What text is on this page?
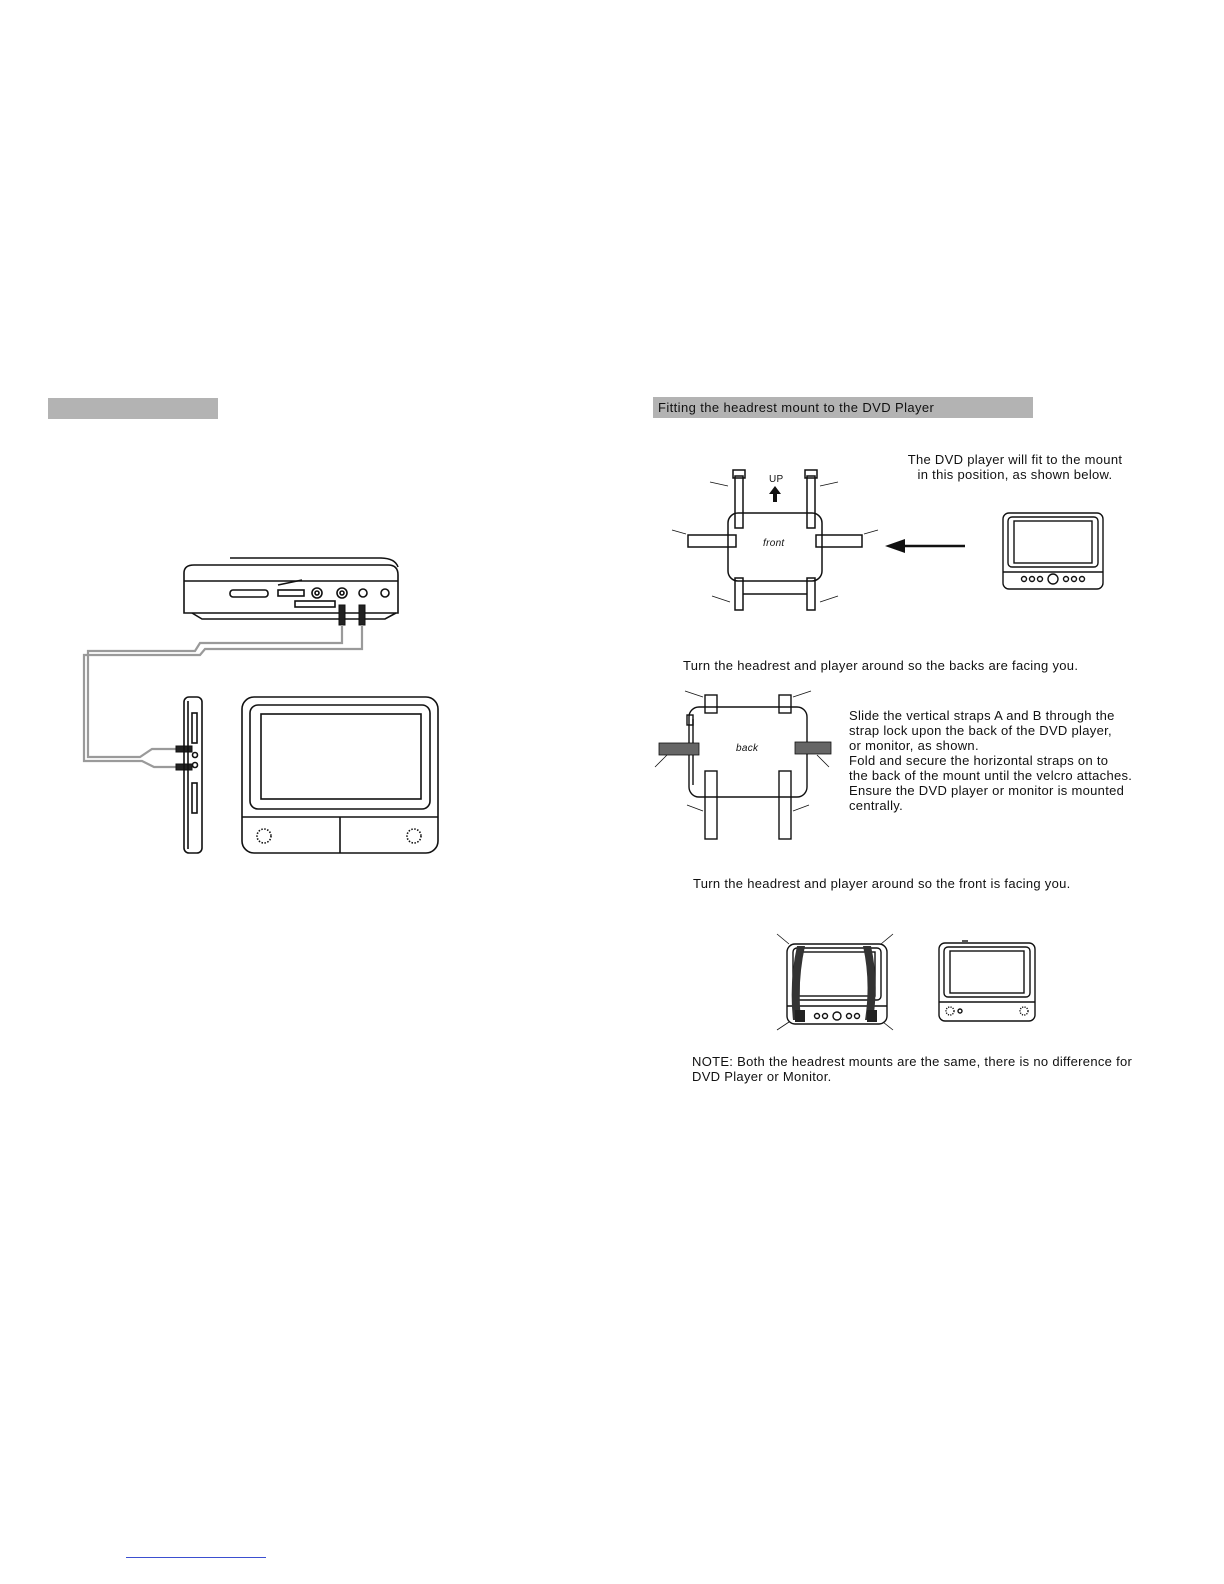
Fitting the headrest mount to the DVD Player
UP
front
The DVD player will fit to the mount
in this position, as shown below.
Turn the headrest and player around so the backs are facing you.
back
Slide the vertical straps A and B through the
strap lock upon the back of the DVD player,
or monitor, as shown.
Fold and secure the horizontal straps on to
the back of the mount until the velcro attaches.
Ensure the DVD player or monitor is mounted
centrally.
Turn the headrest and player around so the front is facing you.
NOTE: Both the headrest mounts are the same, there is no difference for
DVD Player or Monitor.
